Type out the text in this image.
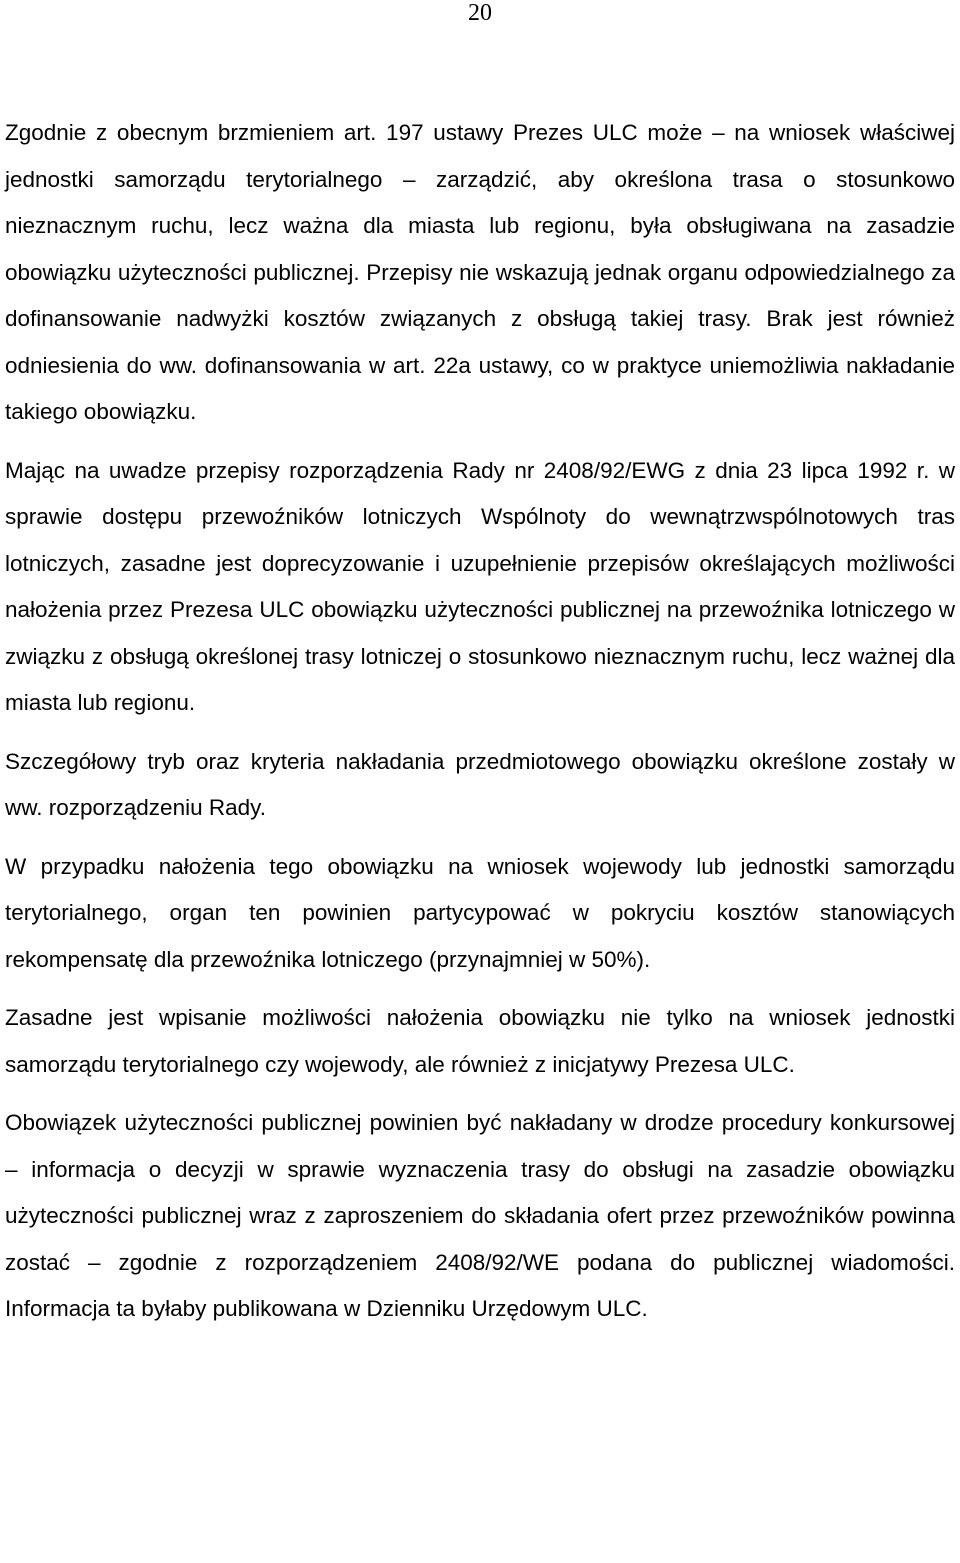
20

Zgodnie z obecnym brzmieniem art. 197 ustawy Prezes ULC może – na wniosek właściwej jednostki samorządu terytorialnego – zarządzić, aby określona trasa o stosunkowo nieznacznym ruchu, lecz ważna dla miasta lub regionu, była obsługiwana na zasadzie obowiązku użyteczności publicznej. Przepisy nie wskazują jednak organu odpowiedzialnego za dofinansowanie nadwyżki kosztów związanych z obsługą takiej trasy. Brak jest również odniesienia do ww. dofinansowania w art. 22a ustawy, co w praktyce uniemożliwia nakładanie takiego obowiązku.

Mając na uwadze przepisy rozporządzenia Rady nr 2408/92/EWG z dnia 23 lipca 1992 r. w sprawie dostępu przewoźników lotniczych Wspólnoty do wewnątrzwspólnotowych tras lotniczych, zasadne jest doprecyzowanie i uzupełnienie przepisów określających możliwości nałożenia przez Prezesa ULC obowiązku użyteczności publicznej na przewoźnika lotniczego w związku z obsługą określonej trasy lotniczej o stosunkowo nieznacznym ruchu, lecz ważnej dla miasta lub regionu.

Szczegółowy tryb oraz kryteria nakładania przedmiotowego obowiązku określone zostały w ww. rozporządzeniu Rady.

W przypadku nałożenia tego obowiązku na wniosek wojewody lub jednostki samorządu terytorialnego, organ ten powinien partycypować w pokryciu kosztów stanowiących rekompensatę dla przewoźnika lotniczego (przynajmniej w 50%).

Zasadne jest wpisanie możliwości nałożenia obowiązku nie tylko na wniosek jednostki samorządu terytorialnego czy wojewody, ale również z inicjatywy Prezesa ULC.

Obowiązek użyteczności publicznej powinien być nakładany w drodze procedury konkursowej – informacja o decyzji w sprawie wyznaczenia trasy do obsługi na zasadzie obowiązku użyteczności publicznej wraz z zaproszeniem do składania ofert przez przewoźników powinna zostać – zgodnie z rozporządzeniem 2408/92/WE podana do publicznej wiadomości. Informacja ta byłaby publikowana w Dzienniku Urzędowym ULC.
